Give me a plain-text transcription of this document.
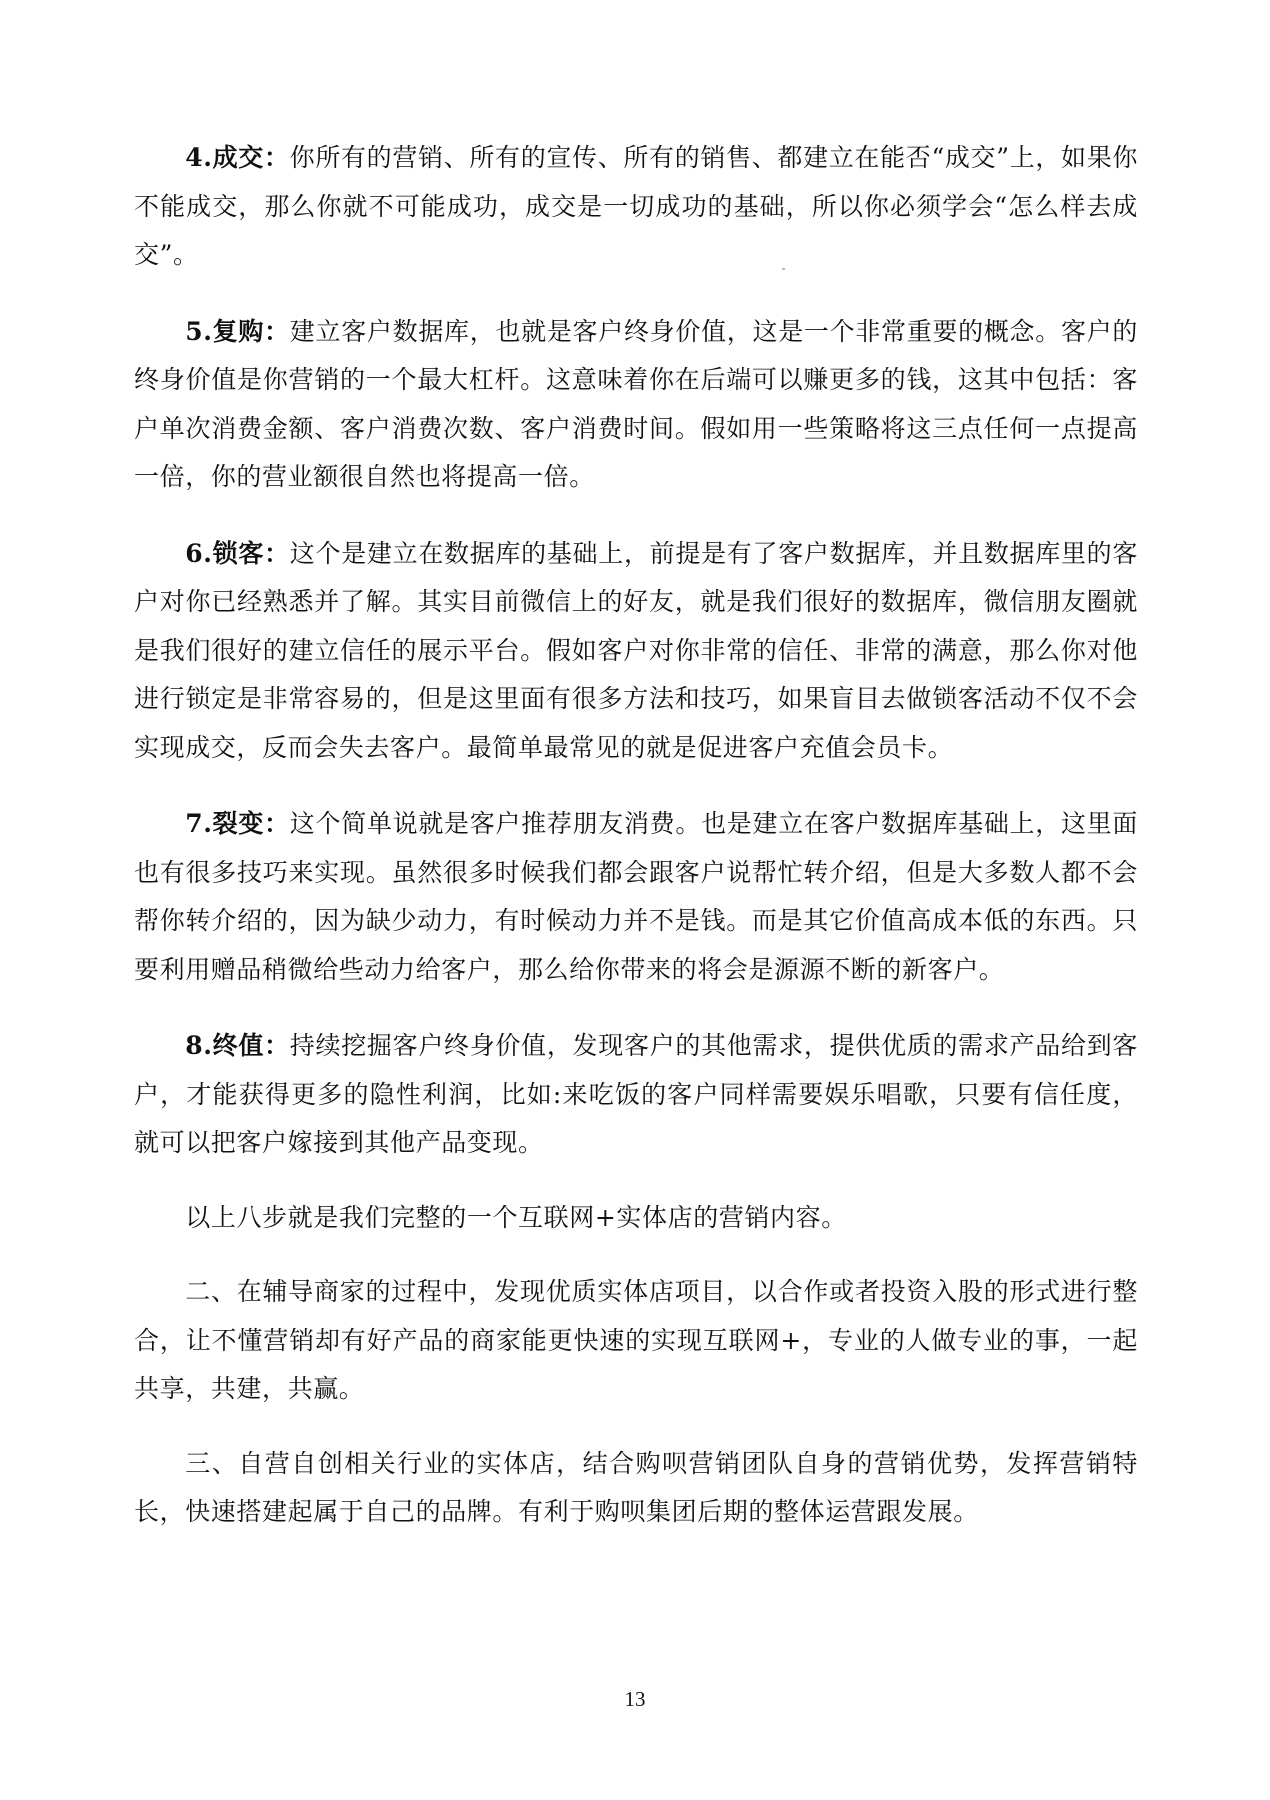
4.成交：你所有的营销、所有的宣传、所有的销售、都建立在能否“成交”上，如果你不能成交，那么你就不可能成功，成交是一切成功的基础，所以你必须学会“怎么样去成交”。

5.复购：建立客户数据库，也就是客户终身价值，这是一个非常重要的概念。客户的终身价值是你营销的一个最大杠杆。这意味着你在后端可以赚更多的钱，这其中包括：客户单次消费金额、客户消费次数、客户消费时间。假如用一些策略将这三点任何一点提高一倍，你的营业额很自然也将提高一倍。

6.锁客：这个是建立在数据库的基础上，前提是有了客户数据库，并且数据库里的客户对你已经熟悉并了解。其实目前微信上的好友，就是我们很好的数据库，微信朋友圈就是我们很好的建立信任的展示平台。假如客户对你非常的信任、非常的满意，那么你对他进行锁定是非常容易的，但是这里面有很多方法和技巧，如果盲目去做锁客活动不仅不会实现成交，反而会失去客户。最简单最常见的就是促进客户充值会员卡。

7.裂变：这个简单说就是客户推荐朋友消费。也是建立在客户数据库基础上，这里面也有很多技巧来实现。虽然很多时候我们都会跟客户说帮忙转介绍，但是大多数人都不会帮你转介绍的，因为缺少动力，有时候动力并不是钱。而是其它价值高成本低的东西。只要利用赠品稍微给些动力给客户，那么给你带来的将会是源源不断的新客户。

8.终值：持续挖掘客户终身价值，发现客户的其他需求，提供优质的需求产品给到客户，才能获得更多的隐性利润，比如:来吃饭的客户同样需要娱乐唱歌，只要有信任度，就可以把客户嫁接到其他产品变现。

以上八步就是我们完整的一个互联网+实体店的营销内容。

二、在辅导商家的过程中，发现优质实体店项目，以合作或者投资入股的形式进行整合，让不懂营销却有好产品的商家能更快速的实现互联网+，专业的人做专业的事，一起共享，共建，共赢。

三、自营自创相关行业的实体店，结合购呗营销团队自身的营销优势，发挥营销特长，快速搭建起属于自己的品牌。有利于购呗集团后期的整体运营跟发展。

13
